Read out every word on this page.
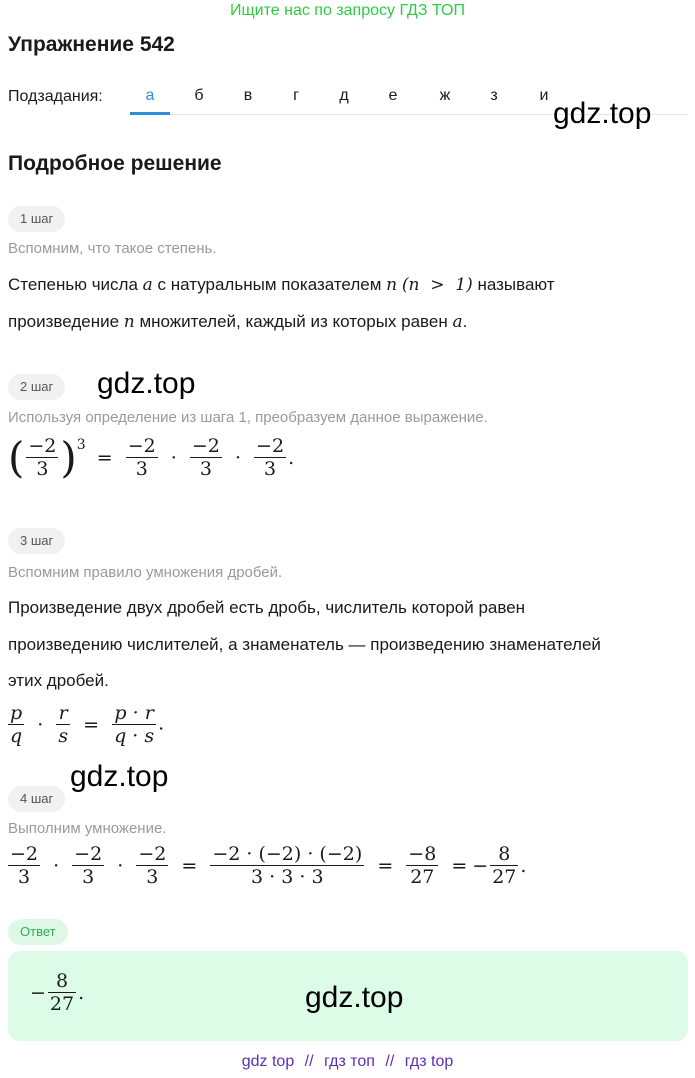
Ищите нас по запросу ГДЗ ТОП
Упражнение 542
Подзадания:	а	б	в	г	д	е	ж	з	и
gdz.top
Подробное решение
1 шаг
Вспомним, что такое степень.
Степенью числа a с натуральным показателем n (n  >  1) называют
произведение n множителей, каждый из которых равен a.
2 шаг	gdz.top
Используя определение из шага 1, преобразуем данное выражение.
( $\frac{-2}{3} )^3 = \frac{-2}{3} \cdot \frac{-2}{3} \cdot \frac{-2}{3}$ .
3 шаг
Вспомним правило умножения дробей.
Произведение двух дробей есть дробь, числитель которой равен
произведению числителей, а знаменатель — произведению знаменателей
этих дробей.
$\frac{p}{q} \cdot \frac{r}{s} = \frac{p \cdot r}{q \cdot s}$ .
gdz.top
4 шаг
Выполним умножение.
$\frac{-2}{3} \cdot \frac{-2}{3} \cdot \frac{-2}{3} = \frac{-2 \cdot (-2) \cdot (-2)}{3 \cdot 3 \cdot 3} = \frac{-8}{27}$ = − $\frac{8}{27}$ .
Ответ
− $\frac{8}{27}$ .	gdz.top
gdz top // гдз топ // гдз top
